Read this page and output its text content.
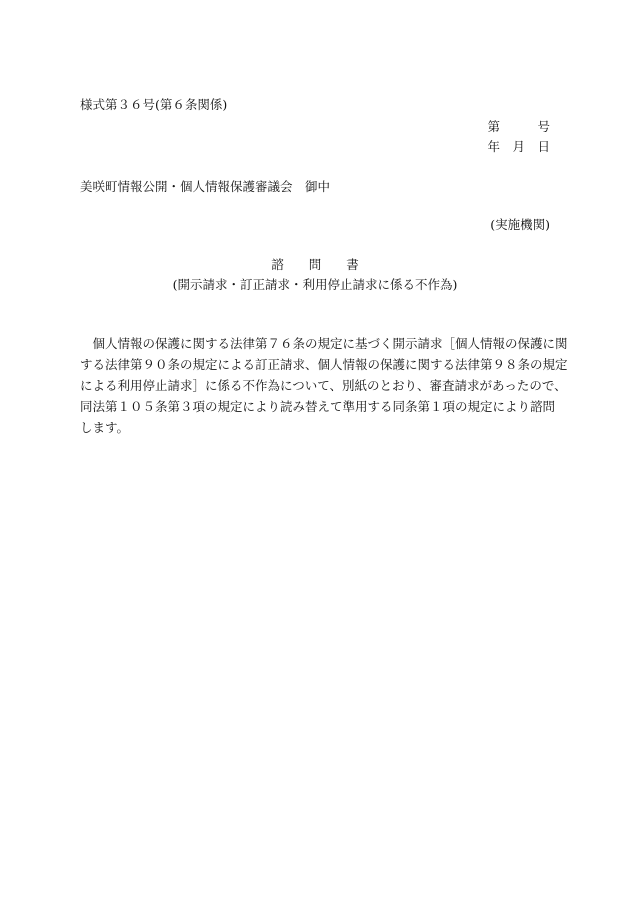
様式第３６号(第６条関係)
第　　　号
年　月　日
美咲町情報公開・個人情報保護審議会　御中
(実施機関)
諮　　問　　書
(開示請求・訂正請求・利用停止請求に係る不作為)
　個人情報の保護に関する法律第７６条の規定に基づく開示請求［個人情報の保護に関
する法律第９０条の規定による訂正請求、個人情報の保護に関する法律第９８条の規定
による利用停止請求］に係る不作為について、別紙のとおり、審査請求があったので、
同法第１０５条第３項の規定により読み替えて準用する同条第１項の規定により諮問
します。
